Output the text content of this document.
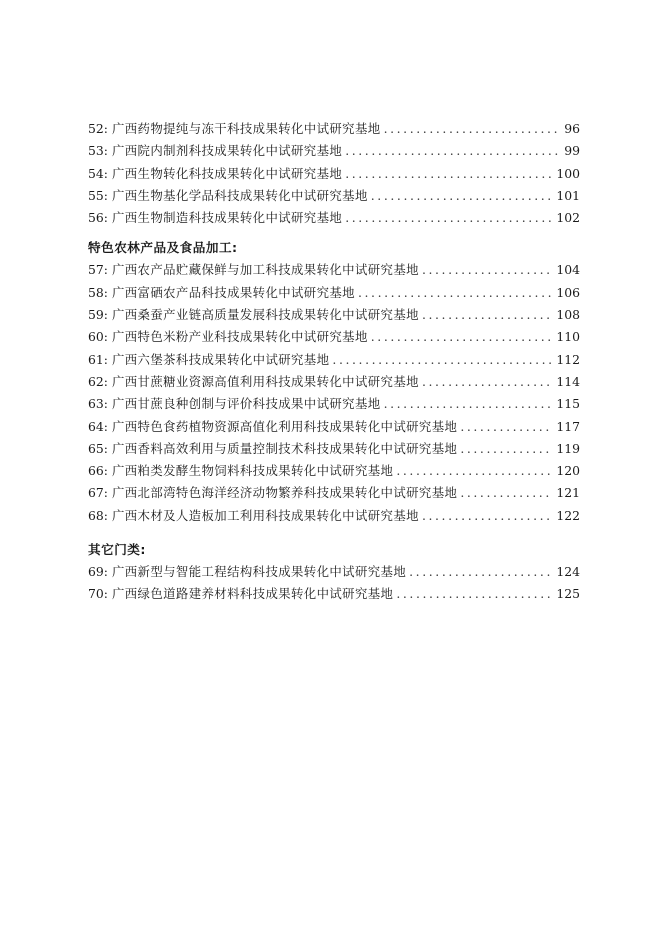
52: 广西药物提纯与冻干科技成果转化中试研究基地 .....	96
53: 广西院内制剂科技成果转化中试研究基地 .....	99
54: 广西生物转化科技成果转化中试研究基地 .....	100
55: 广西生物基化学品科技成果转化中试研究基地 .....	101
56: 广西生物制造科技成果转化中试研究基地 .....	102
特色农林产品及食品加工:
57: 广西农产品贮藏保鲜与加工科技成果转化中试研究基地 .....	104
58: 广西富硒农产品科技成果转化中试研究基地 .....	106
59: 广西桑蚕产业链高质量发展科技成果转化中试研究基地 .....	108
60: 广西特色米粉产业科技成果转化中试研究基地 .....	110
61: 广西六堡茶科技成果转化中试研究基地 .....	112
62: 广西甘蔗糖业资源高值利用科技成果转化中试研究基地 .....	114
63: 广西甘蔗良种创制与评价科技成果中试研究基地 .....	115
64: 广西特色食药植物资源高值化利用科技成果转化中试研究基地 .....	117
65: 广西香料高效利用与质量控制技术科技成果转化中试研究基地 .....	119
66: 广西粕类发酵生物饲料科技成果转化中试研究基地 .....	120
67: 广西北部湾特色海洋经济动物繁养科技成果转化中试研究基地 .....	121
68: 广西木材及人造板加工利用科技成果转化中试研究基地 .....	122
其它门类:
69: 广西新型与智能工程结构科技成果转化中试研究基地 .....	124
70: 广西绿色道路建养材料科技成果转化中试研究基地 .....	125
